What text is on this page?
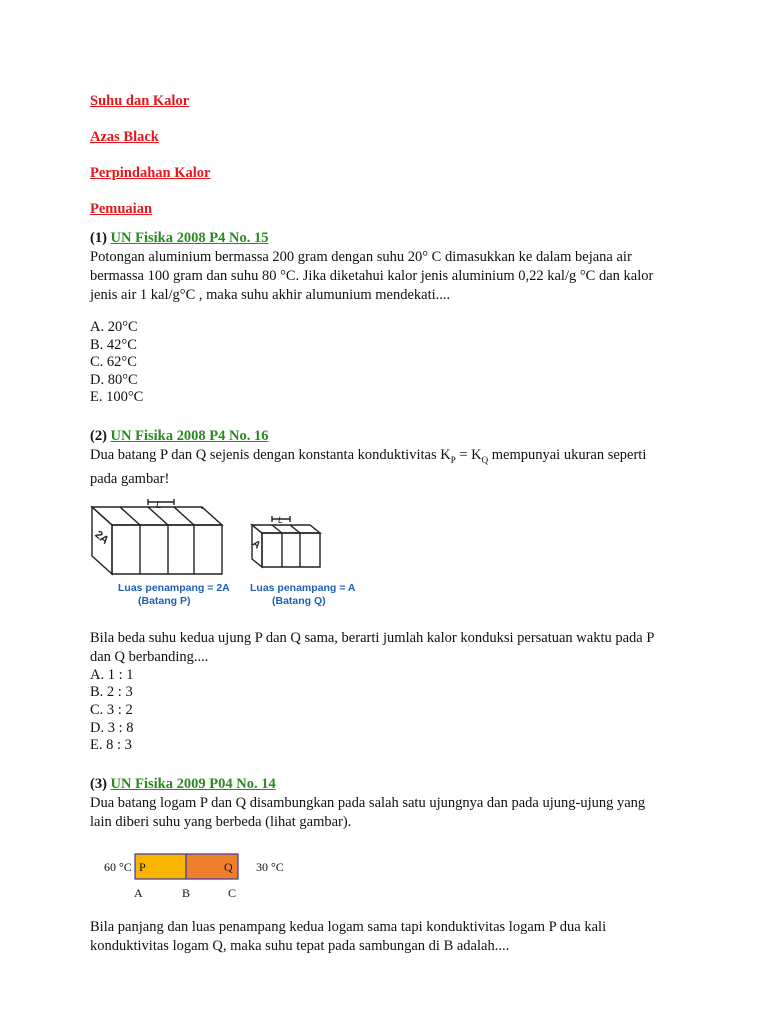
Suhu dan Kalor
Azas Black
Perpindahan Kalor
Pemuaian
(1) UN Fisika 2008 P4 No. 15

Potongan aluminium bermassa 200 gram dengan suhu 20° C dimasukkan ke dalam bejana air

bermassa 100 gram dan suhu 80 °C. Jika diketahui kalor jenis aluminium 0,22 kal/g °C dan kalor

jenis air 1 kal/g°C , maka suhu akhir alumunium mendekati....

A. 20°C
B. 42°C
C. 62°C
D. 80°C
E. 100°C
(2) UN Fisika 2008 P4 No. 16

Dua batang P dan Q sejenis dengan konstanta konduktivitas $K_P = K_Q$ mempunyai ukuran seperti

pada gambar!

2A
L
A
L
Luas penampang = 2A
(Batang P)
Luas penampang = A
(Batang Q)

Bila beda suhu kedua ujung P dan Q sama, berarti jumlah kalor konduksi persatuan waktu pada P

dan Q berbanding....

A. 1 : 1
B. 2 : 3
C. 3 : 2
D. 3 : 8
E. 8 : 3
(3) UN Fisika 2009 P04 No. 14

Dua batang logam P dan Q disambungkan pada salah satu ujungnya dan pada ujung-ujung yang

lain diberi suhu yang berbeda (lihat gambar).

60 °C P	Q 30 °C
A	B	C

Bila panjang dan luas penampang kedua logam sama tapi konduktivitas logam P dua kali

konduktivitas logam Q, maka suhu tepat pada sambungan di B adalah....
